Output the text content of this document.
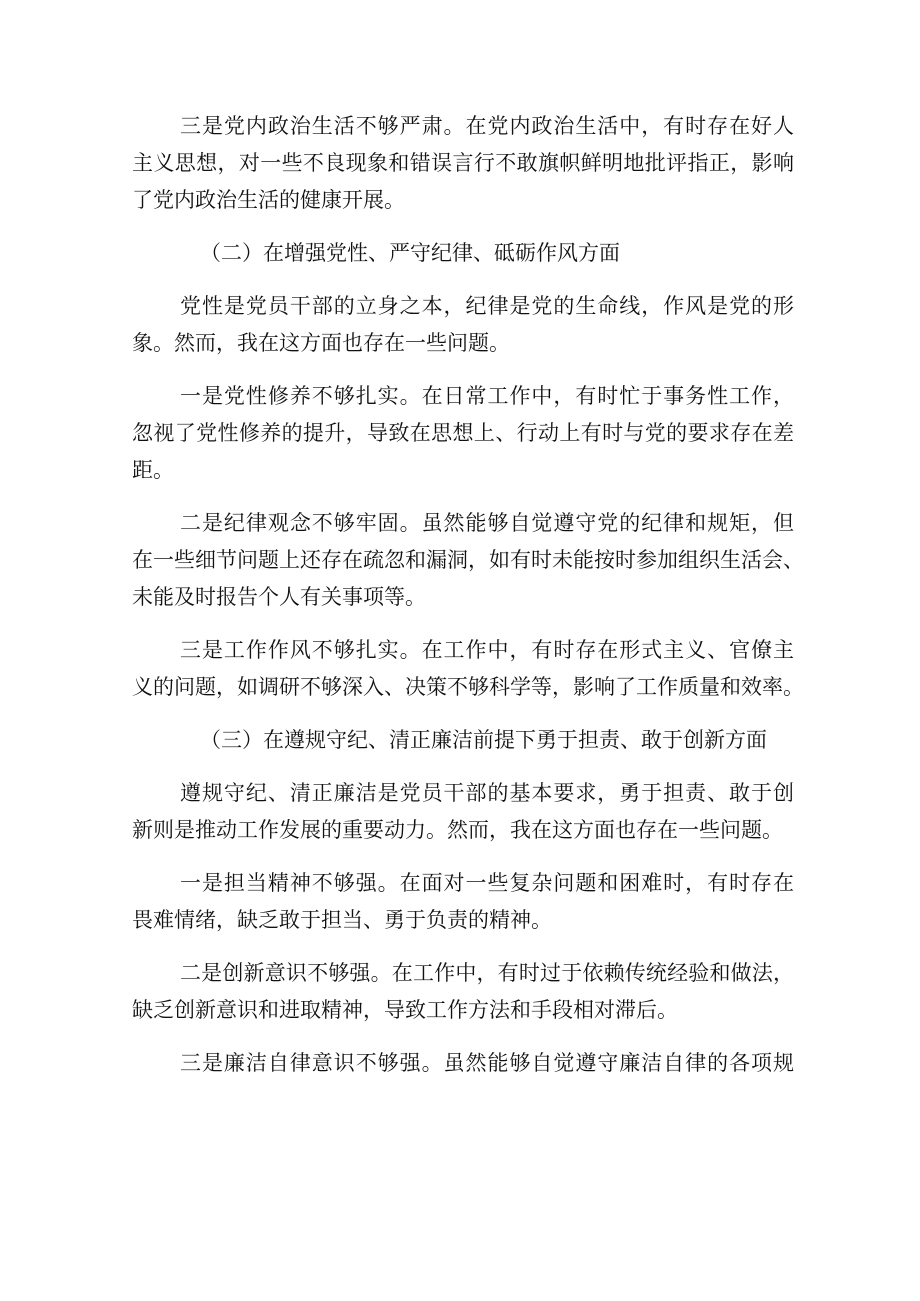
三是党内政治生活不够严肃。在党内政治生活中，有时存在好人
主义思想，对一些不良现象和错误言行不敢旗帜鲜明地批评指正，影响
了党内政治生活的健康开展。
（二）在增强党性、严守纪律、砥砺作风方面
党性是党员干部的立身之本，纪律是党的生命线，作风是党的形
象。然而，我在这方面也存在一些问题。
一是党性修养不够扎实。在日常工作中，有时忙于事务性工作，
忽视了党性修养的提升，导致在思想上、行动上有时与党的要求存在差
距。
二是纪律观念不够牢固。虽然能够自觉遵守党的纪律和规矩，但
在一些细节问题上还存在疏忽和漏洞，如有时未能按时参加组织生活会、
未能及时报告个人有关事项等。
三是工作作风不够扎实。在工作中，有时存在形式主义、官僚主
义的问题，如调研不够深入、决策不够科学等，影响了工作质量和效率。
（三）在遵规守纪、清正廉洁前提下勇于担责、敢于创新方面
遵规守纪、清正廉洁是党员干部的基本要求，勇于担责、敢于创
新则是推动工作发展的重要动力。然而，我在这方面也存在一些问题。
一是担当精神不够强。在面对一些复杂问题和困难时，有时存在
畏难情绪，缺乏敢于担当、勇于负责的精神。
二是创新意识不够强。在工作中，有时过于依赖传统经验和做法，
缺乏创新意识和进取精神，导致工作方法和手段相对滞后。
三是廉洁自律意识不够强。虽然能够自觉遵守廉洁自律的各项规
